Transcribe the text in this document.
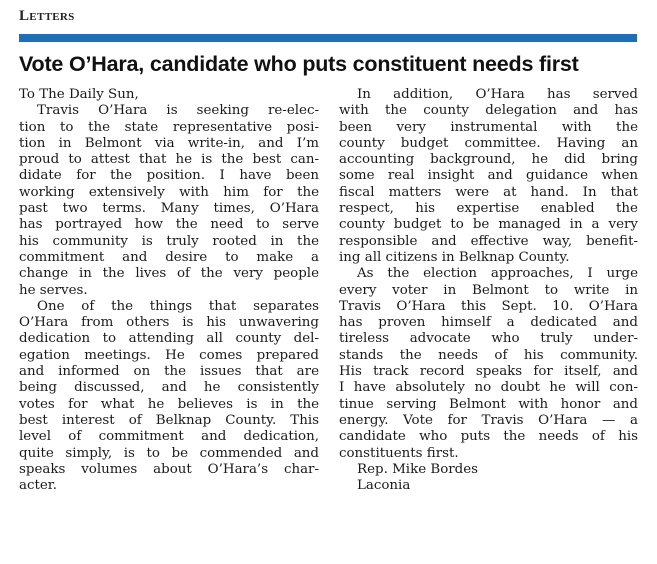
Letters
Vote O’Hara, candidate who puts constituent needs first
To The Daily Sun,
Travis O’Hara is seeking re-elec-
tion to the state representative posi-
tion in Belmont via write-in, and I’m
proud to attest that he is the best can-
didate for the position. I have been
working extensively with him for the
past two terms. Many times, O’Hara
has portrayed how the need to serve
his community is truly rooted in the
commitment and desire to make a
change in the lives of the very people
he serves.
One of the things that separates
O’Hara from others is his unwavering
dedication to attending all county del-
egation meetings. He comes prepared
and informed on the issues that are
being discussed, and he consistently
votes for what he believes is in the
best interest of Belknap County. This
level of commitment and dedication,
quite simply, is to be commended and
speaks volumes about O’Hara’s char-
acter.
In addition, O’Hara has served
with the county delegation and has
been very instrumental with the
county budget committee. Having an
accounting background, he did bring
some real insight and guidance when
fiscal matters were at hand. In that
respect, his expertise enabled the
county budget to be managed in a very
responsible and effective way, benefit-
ing all citizens in Belknap County.
As the election approaches, I urge
every voter in Belmont to write in
Travis O’Hara this Sept. 10. O’Hara
has proven himself a dedicated and
tireless advocate who truly under-
stands the needs of his community.
His track record speaks for itself, and
I have absolutely no doubt he will con-
tinue serving Belmont with honor and
energy. Vote for Travis O’Hara — a
candidate who puts the needs of his
constituents first.
Rep. Mike Bordes
Laconia
